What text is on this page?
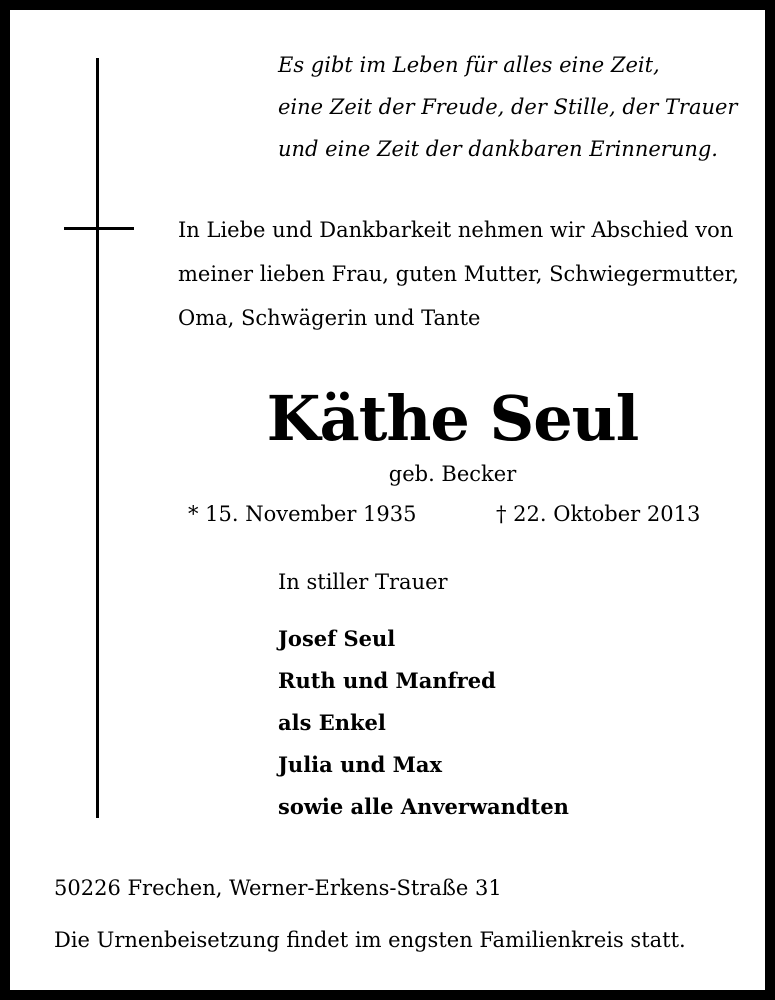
Es gibt im Leben für alles eine Zeit,
eine Zeit der Freude, der Stille, der Trauer
und eine Zeit der dankbaren Erinnerung.
In Liebe und Dankbarkeit nehmen wir Abschied von
meiner lieben Frau, guten Mutter, Schwiegermutter,
Oma, Schwägerin und Tante
Käthe Seul
geb. Becker
* 15. November 1935	† 22. Oktober 2013
In stiller Trauer
Josef Seul
Ruth und Manfred
als Enkel
Julia und Max
sowie alle Anverwandten
50226 Frechen, Werner-Erkens-Straße 31
Die Urnenbeisetzung findet im engsten Familienkreis statt.
